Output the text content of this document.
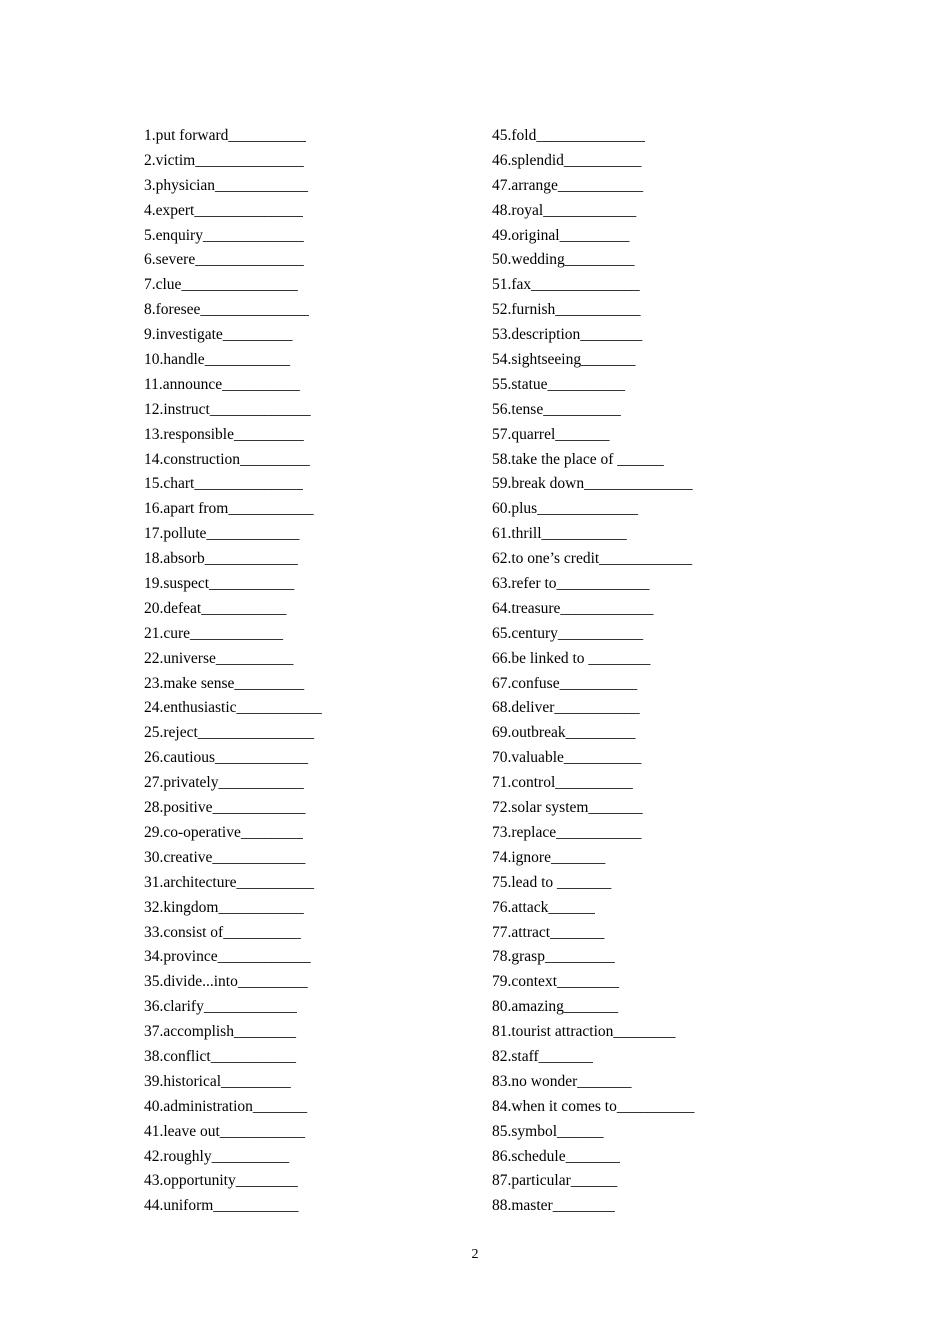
1.put forward__________
2.victim______________
3.physician____________
4.expert______________
5.enquiry_____________
6.severe______________
7.clue_______________
8.foresee______________
9.investigate_________
10.handle___________
11.announce__________
12.instruct_____________
13.responsible_________
14.construction_________
15.chart______________
16.apart from___________
17.pollute____________
18.absorb____________
19.suspect___________
20.defeat___________
21.cure____________
22.universe__________
23.make sense_________
24.enthusiastic___________
25.reject_______________
26.cautious____________
27.privately___________
28.positive____________
29.co-operative________
30.creative____________
31.architecture__________
32.kingdom___________
33.consist of__________
34.province____________
35.divide...into_________
36.clarify____________
37.accomplish________
38.conflict___________
39.historical_________
40.administration_______
41.leave out___________
42.roughly__________
43.opportunity________
44.uniform___________
45.fold______________
46.splendid__________
47.arrange___________
48.royal____________
49.original_________
50.wedding_________
51.fax______________
52.furnish___________
53.description________
54.sightseeing_______
55.statue__________
56.tense__________
57.quarrel_______
58.take the place of ______
59.break down______________
60.plus_____________
61.thrill___________
62.to one’s credit____________
63.refer to____________
64.treasure____________
65.century___________
66.be linked to ________
67.confuse__________
68.deliver___________
69.outbreak_________
70.valuable__________
71.control__________
72.solar system_______
73.replace___________
74.ignore_______
75.lead to _______
76.attack______
77.attract_______
78.grasp_________
79.context________
80.amazing_______
81.tourist attraction________
82.staff_______
83.no wonder_______
84.when it comes to__________
85.symbol______
86.schedule_______
87.particular______
88.master________
2
